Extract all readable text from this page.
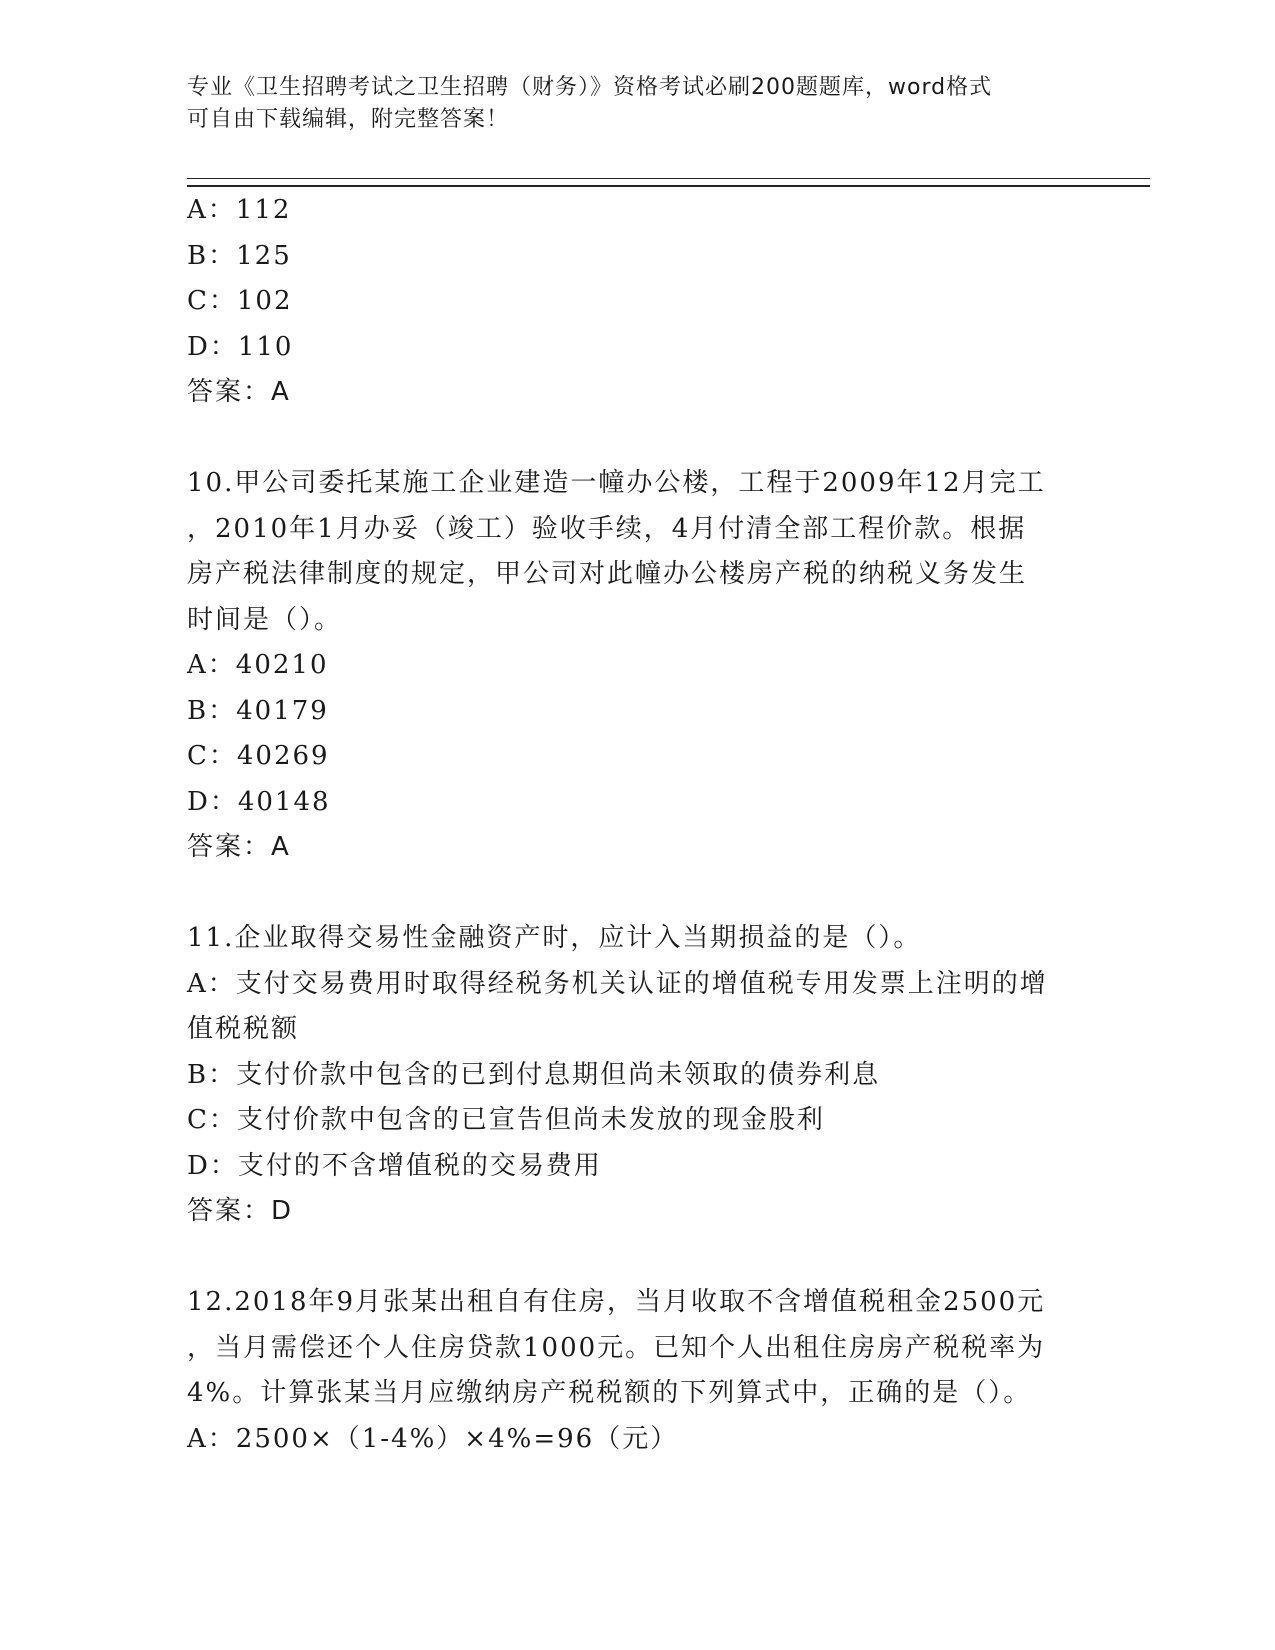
专业《卫生招聘考试之卫生招聘（财务）》资格考试必刷200题题库，word格式
可自由下载编辑，附完整答案！
A：112
B：125
C：102
D：110
答案：A
10.甲公司委托某施工企业建造一幢办公楼，工程于2009年12月完工
，2010年1月办妥（竣工）验收手续，4月付清全部工程价款。根据
房产税法律制度的规定，甲公司对此幢办公楼房产税的纳税义务发生
时间是（）。
A：40210
B：40179
C：40269
D：40148
答案：A
11.企业取得交易性金融资产时，应计入当期损益的是（）。
A：支付交易费用时取得经税务机关认证的增值税专用发票上注明的增
值税税额
B：支付价款中包含的已到付息期但尚未领取的债券利息
C：支付价款中包含的已宣告但尚未发放的现金股利
D：支付的不含增值税的交易费用
答案：D
12.2018年9月张某出租自有住房，当月收取不含增值税租金2500元
，当月需偿还个人住房贷款1000元。已知个人出租住房房产税税率为
4%。计算张某当月应缴纳房产税税额的下列算式中，正确的是（）。
A：2500×（1-4%）×4%=96（元）
